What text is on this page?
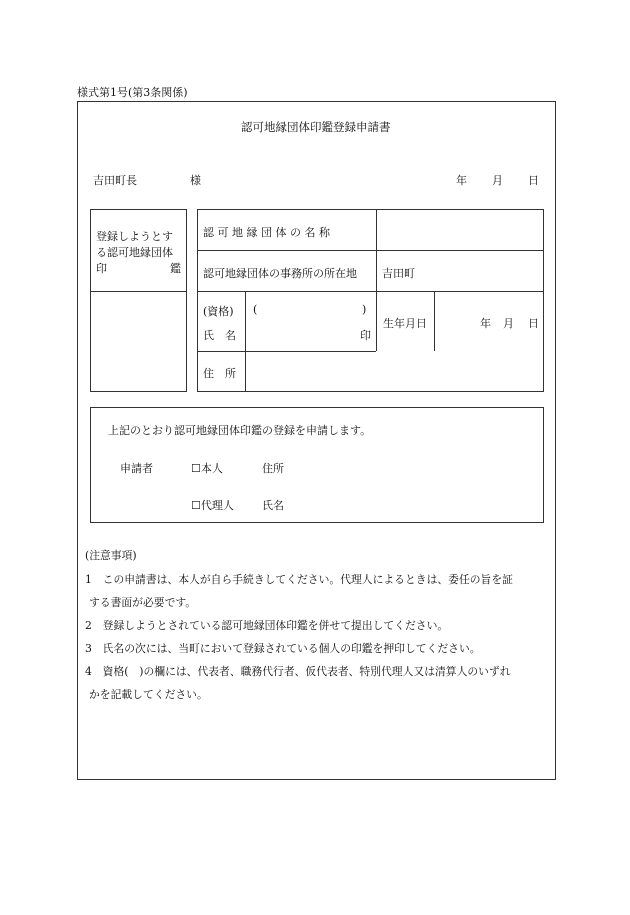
様式第1号(第3条関係)
認可地縁団体印鑑登録申請書
吉田町長	様	年 月 日
登録しようとす
る認可地縁団体
印	鑑
認 可 地 縁 団 体 の 名 称
認可地縁団体の事務所の所在地 吉田町
(資格) (	)
氏　名	印
生年月日	年 月 日
住　所
上記のとおり認可地縁団体印鑑の登録を申請します。
申請者	☐本人	住所
☐代理人	氏名
(注意事項)
1　この申請書は、本人が自ら手続きしてください。代理人によるときは、委任の旨を証
する書面が必要です。
2　登録しようとされている認可地縁団体印鑑を併せて提出してください。
3　氏名の次には、当町において登録されている個人の印鑑を押印してください。
4　資格(　)の欄には、代表者、職務代行者、仮代表者、特別代理人又は清算人のいずれ
かを記載してください。
